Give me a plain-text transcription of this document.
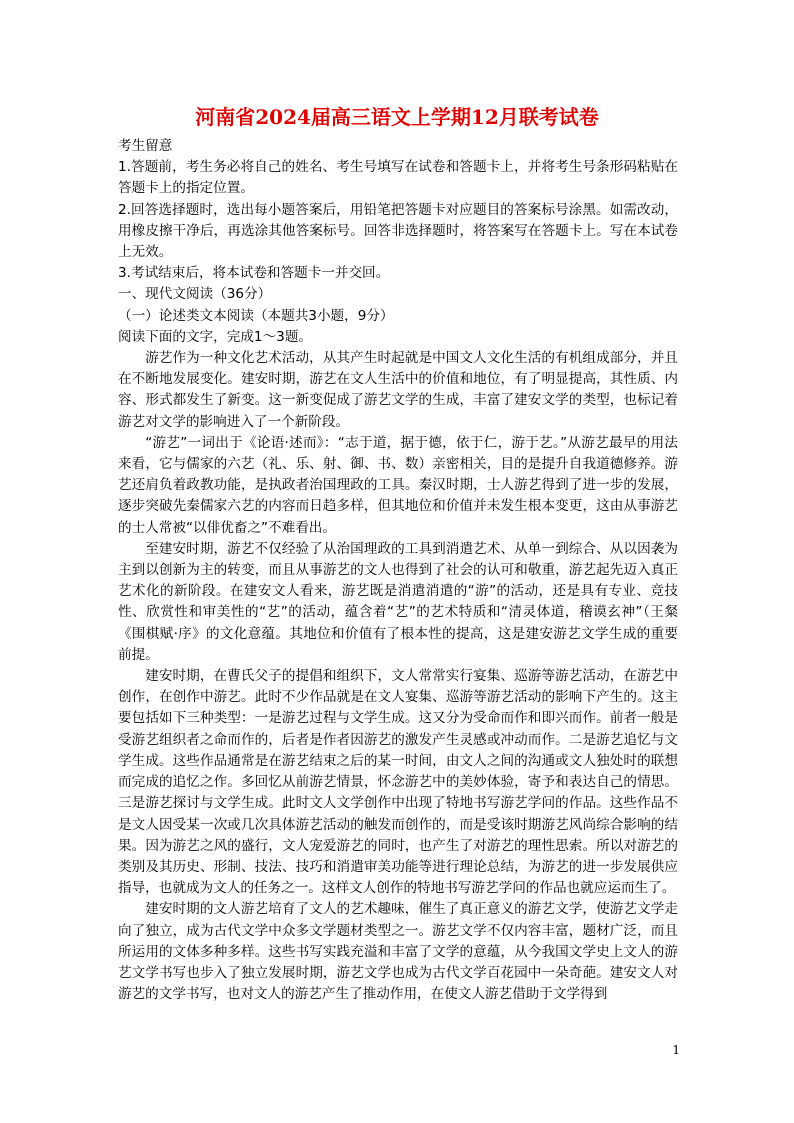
河南省2024届高三语文上学期12月联考试卷

考生留意

1.答题前，考生务必将自己的姓名、考生号填写在试卷和答题卡上，并将考生号条形码粘贴在答题卡上的指定位置。

2.回答选择题时，选出每小题答案后，用铅笔把答题卡对应题目的答案标号涂黑。如需改动，用橡皮擦干净后，再选涂其他答案标号。回答非选择题时，将答案写在答题卡上。写在本试卷上无效。

3.考试结束后，将本试卷和答题卡一并交回。

一、现代文阅读（36分）

（一）论述类文本阅读（本题共3小题，9分）

阅读下面的文字，完成1～3题。

游艺作为一种文化艺术活动，从其产生时起就是中国文人文化生活的有机组成部分，并且在不断地发展变化。建安时期，游艺在文人生活中的价值和地位，有了明显提高，其性质、内容、形式都发生了新变。这一新变促成了游艺文学的生成，丰富了建安文学的类型，也标记着游艺对文学的影响进入了一个新阶段。

“游艺”一词出于《论语·述而》：“志于道，据于德，依于仁，游于艺。”从游艺最早的用法来看，它与儒家的六艺（礼、乐、射、御、书、数）亲密相关，目的是提升自我道德修养。游艺还肩负着政教功能，是执政者治国理政的工具。秦汉时期，士人游艺得到了进一步的发展，逐步突破先秦儒家六艺的内容而日趋多样，但其地位和价值并未发生根本变更，这由从事游艺的士人常被“以俳优畜之”不难看出。

至建安时期，游艺不仅经验了从治国理政的工具到消遣艺术、从单一到综合、从以因袭为主到以创新为主的转变，而且从事游艺的文人也得到了社会的认可和敬重，游艺起先迈入真正艺术化的新阶段。在建安文人看来，游艺既是消遣消遣的“游”的活动，还是具有专业、竞技性、欣赏性和审美性的“艺”的活动，蕴含着“艺”的艺术特质和“清灵体道，稽谟玄神”（王粲《围棋赋·序》的文化意蕴。其地位和价值有了根本性的提高，这是建安游艺文学生成的重要前提。

建安时期，在曹氏父子的提倡和组织下，文人常常实行宴集、巡游等游艺活动，在游艺中创作，在创作中游艺。此时不少作品就是在文人宴集、巡游等游艺活动的影响下产生的。这主要包括如下三种类型：一是游艺过程与文学生成。这又分为受命而作和即兴而作。前者一般是受游艺组织者之命而作的，后者是作者因游艺的激发产生灵感或冲动而作。二是游艺追忆与文学生成。这些作品通常是在游艺结束之后的某一时间，由文人之间的沟通或文人独处时的联想而完成的追忆之作。多回忆从前游艺情景，怀念游艺中的美妙体验，寄予和表达自己的情思。三是游艺探讨与文学生成。此时文人文学创作中出现了特地书写游艺学问的作品。这些作品不是文人因受某一次或几次具体游艺活动的触发而创作的，而是受该时期游艺风尚综合影响的结果。因为游艺之风的盛行，文人宠爱游艺的同时，也产生了对游艺的理性思索。所以对游艺的类别及其历史、形制、技法、技巧和消遣审美功能等进行理论总结，为游艺的进一步发展供应指导，也就成为文人的任务之一。这样文人创作的特地书写游艺学问的作品也就应运而生了。

建安时期的文人游艺培育了文人的艺术趣味，催生了真正意义的游艺文学，使游艺文学走向了独立，成为古代文学中众多文学题材类型之一。游艺文学不仅内容丰富，题材广泛，而且所运用的文体多种多样。这些书写实践充溢和丰富了文学的意蕴，从今我国文学史上文人的游艺文学书写也步入了独立发展时期，游艺文学也成为古代文学百花园中一朵奇葩。建安文人对游艺的文学书写，也对文人的游艺产生了推动作用，在使文人游艺借助于文学得到

1
